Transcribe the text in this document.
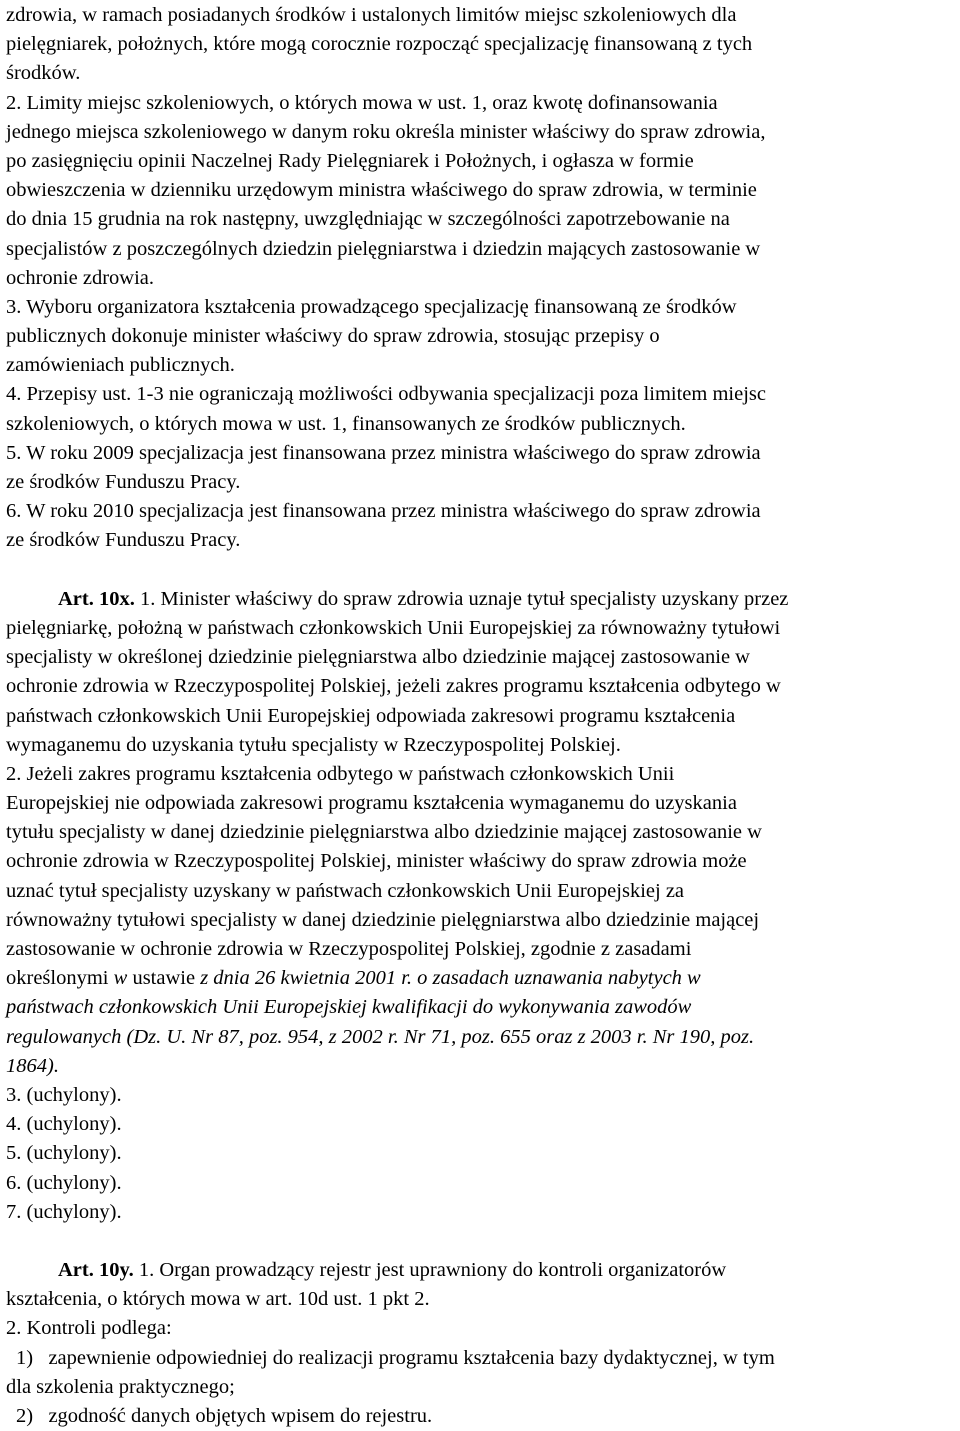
zdrowia, w ramach posiadanych środków i ustalonych limitów miejsc szkoleniowych dla
pielęgniarek, położnych, które mogą corocznie rozpocząć specjalizację finansowaną z tych
środków.
2. Limity miejsc szkoleniowych, o których mowa w ust. 1, oraz kwotę dofinansowania
jednego miejsca szkoleniowego w danym roku określa minister właściwy do spraw zdrowia,
po zasięgnięciu opinii Naczelnej Rady Pielęgniarek i Położnych, i ogłasza w formie
obwieszczenia w dzienniku urzędowym ministra właściwego do spraw zdrowia, w terminie
do dnia 15 grudnia na rok następny, uwzględniając w szczególności zapotrzebowanie na
specjalistów z poszczególnych dziedzin pielęgniarstwa i dziedzin mających zastosowanie w
ochronie zdrowia.
3. Wyboru organizatora kształcenia prowadzącego specjalizację finansowaną ze środków
publicznych dokonuje minister właściwy do spraw zdrowia, stosując przepisy o
zamówieniach publicznych.
4. Przepisy ust. 1-3 nie ograniczają możliwości odbywania specjalizacji poza limitem miejsc
szkoleniowych, o których mowa w ust. 1, finansowanych ze środków publicznych.
5. W roku 2009 specjalizacja jest finansowana przez ministra właściwego do spraw zdrowia
ze środków Funduszu Pracy.
6. W roku 2010 specjalizacja jest finansowana przez ministra właściwego do spraw zdrowia
ze środków Funduszu Pracy.
Art. 10x. 1. Minister właściwy do spraw zdrowia uznaje tytuł specjalisty uzyskany przez
pielęgniarkę, położną w państwach członkowskich Unii Europejskiej za równoważny tytułowi
specjalisty w określonej dziedzinie pielęgniarstwa albo dziedzinie mającej zastosowanie w
ochronie zdrowia w Rzeczypospolitej Polskiej, jeżeli zakres programu kształcenia odbytego w
państwach członkowskich Unii Europejskiej odpowiada zakresowi programu kształcenia
wymaganemu do uzyskania tytułu specjalisty w Rzeczypospolitej Polskiej.
2. Jeżeli zakres programu kształcenia odbytego w państwach członkowskich Unii
Europejskiej nie odpowiada zakresowi programu kształcenia wymaganemu do uzyskania
tytułu specjalisty w danej dziedzinie pielęgniarstwa albo dziedzinie mającej zastosowanie w
ochronie zdrowia w Rzeczypospolitej Polskiej, minister właściwy do spraw zdrowia może
uznać tytuł specjalisty uzyskany w państwach członkowskich Unii Europejskiej za
równoważny tytułowi specjalisty w danej dziedzinie pielęgniarstwa albo dziedzinie mającej
zastosowanie w ochronie zdrowia w Rzeczypospolitej Polskiej, zgodnie z zasadami
określonymi w ustawie z dnia 26 kwietnia 2001 r. o zasadach uznawania nabytych w
państwach członkowskich Unii Europejskiej kwalifikacji do wykonywania zawodów
regulowanych (Dz. U. Nr 87, poz. 954, z 2002 r. Nr 71, poz. 655 oraz z 2003 r. Nr 190, poz.
1864).
3. (uchylony).
4. (uchylony).
5. (uchylony).
6. (uchylony).
7. (uchylony).
Art. 10y. 1. Organ prowadzący rejestr jest uprawniony do kontroli organizatorów
kształcenia, o których mowa w art. 10d ust. 1 pkt 2.
2. Kontroli podlega:
1) zapewnienie odpowiedniej do realizacji programu kształcenia bazy dydaktycznej, w tym
dla szkolenia praktycznego;
2) zgodność danych objętych wpisem do rejestru.
